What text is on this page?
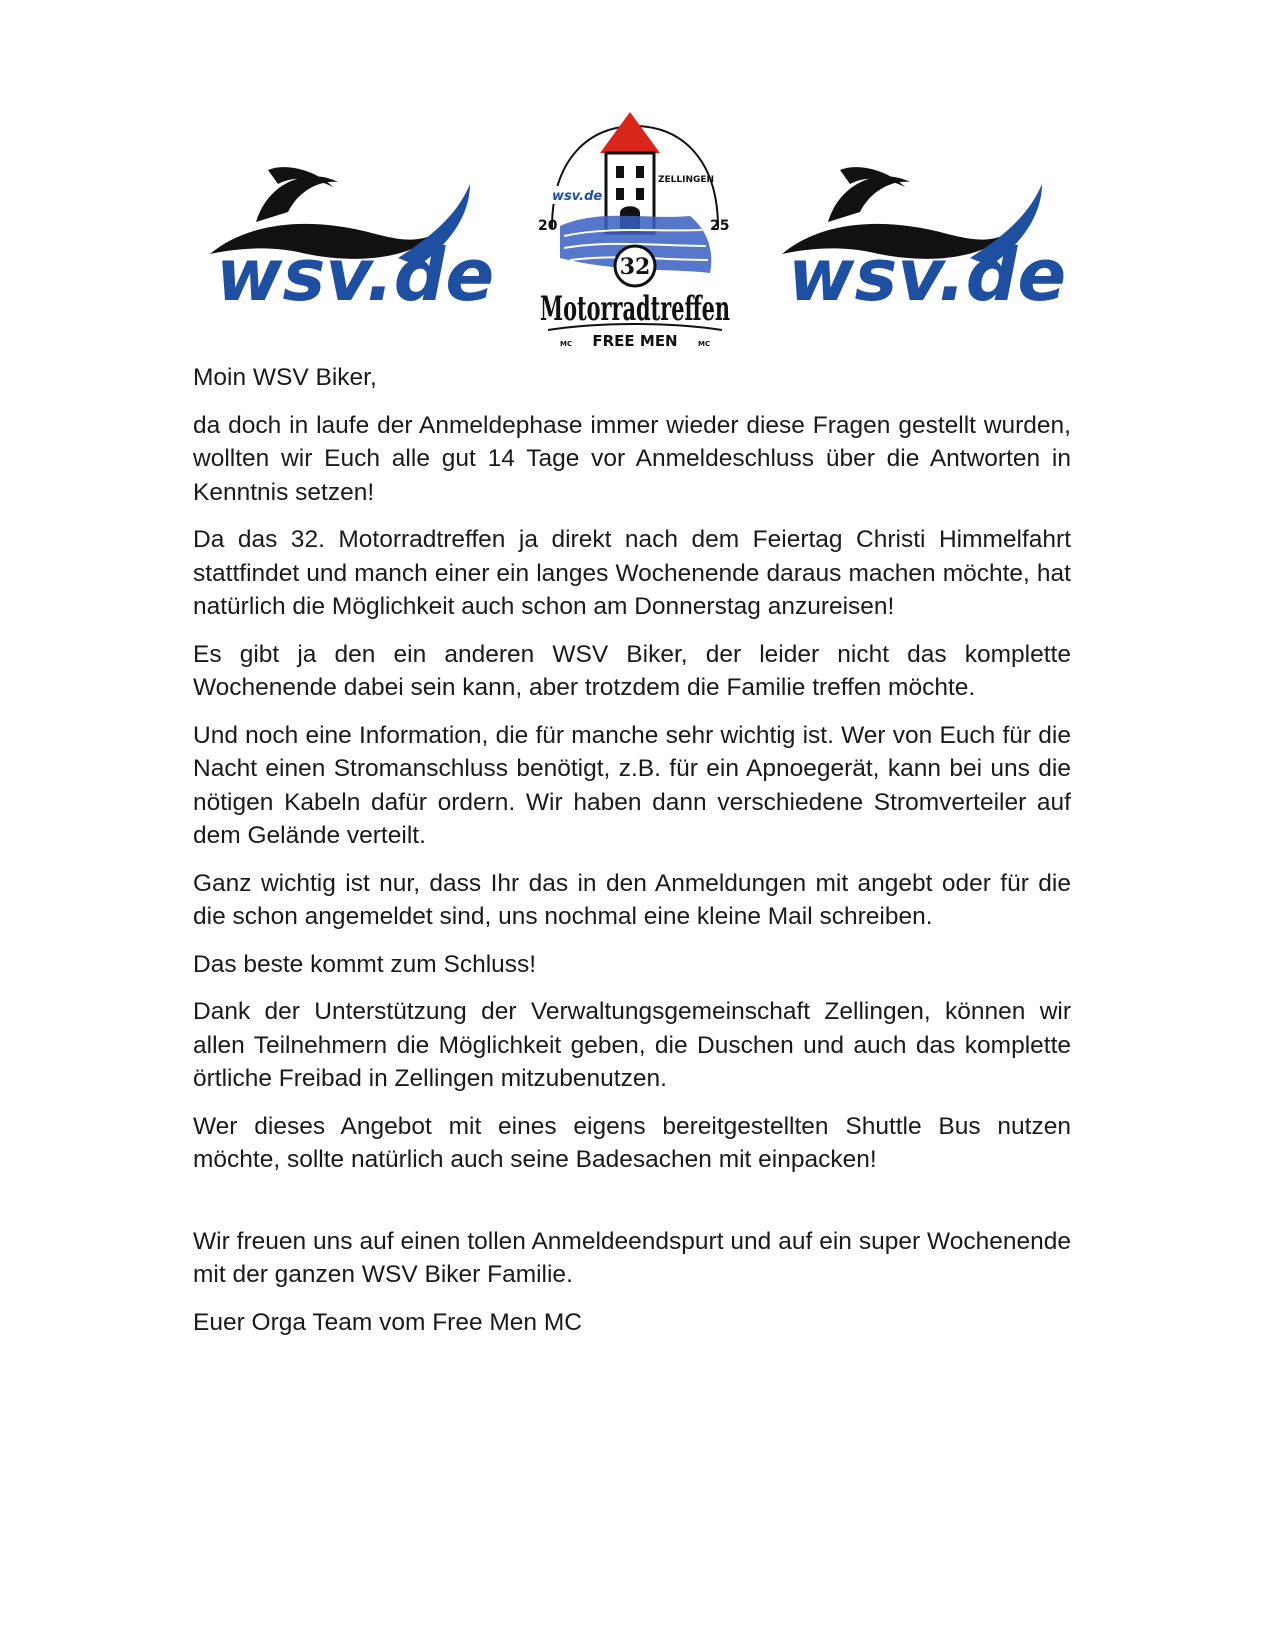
wsv.de
wsv.de
ZELLINGEN
20	25
32
Motorradtreffen
MC FREE MEN	MC
wsv.de

Moin WSV Biker,

da doch in laufe der Anmeldephase immer wieder diese Fragen gestellt wurden, wollten wir Euch alle gut 14 Tage vor Anmeldeschluss über die Antworten in Kenntnis setzen!

Da das 32. Motorradtreffen ja direkt nach dem Feiertag Christi Himmelfahrt stattfindet und manch einer ein langes Wochenende daraus machen möchte, hat natürlich die Möglichkeit auch schon am Donnerstag anzureisen!

Es gibt ja den ein anderen WSV Biker, der leider nicht das komplette Wochenende dabei sein kann, aber trotzdem die Familie treffen möchte.

Und noch eine Information, die für manche sehr wichtig ist. Wer von Euch für die Nacht einen Stromanschluss benötigt, z.B. für ein Apnoegerät, kann bei uns die nötigen Kabeln dafür ordern. Wir haben dann verschiedene Stromverteiler auf dem Gelände verteilt.

Ganz wichtig ist nur, dass Ihr das in den Anmeldungen mit angebt oder für die die schon angemeldet sind, uns nochmal eine kleine Mail schreiben.

Das beste kommt zum Schluss!

Dank der Unterstützung der Verwaltungsgemeinschaft Zellingen, können wir allen Teilnehmern die Möglichkeit geben, die Duschen und auch das komplette örtliche Freibad in Zellingen mitzubenutzen.

Wer dieses Angebot mit eines eigens bereitgestellten Shuttle Bus nutzen möchte, sollte natürlich auch seine Badesachen mit einpacken!

Wir freuen uns auf einen tollen Anmeldeendspurt und auf ein super Wochenende mit der ganzen WSV Biker Familie.

Euer Orga Team vom Free Men MC
